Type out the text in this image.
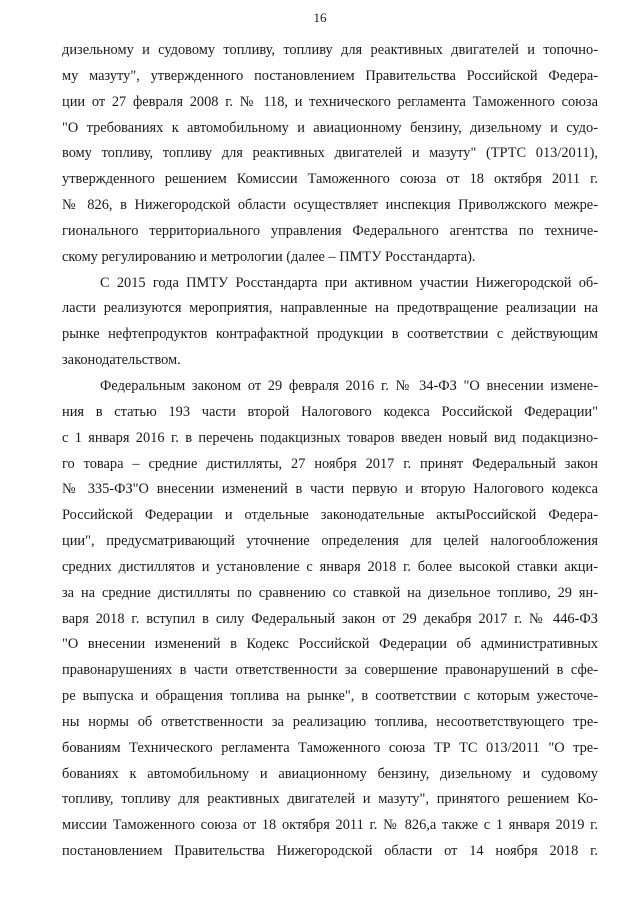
16

дизельному и судовому топливу, топливу для реактивных двигателей и топочно-
му мазуту", утвержденного постановлением Правительства Российской Федера-
ции от 27 февраля 2008 г. № 118, и технического регламента Таможенного союза
"О требованиях к автомобильному и авиационному бензину, дизельному и судо-
вому топливу, топливу для реактивных двигателей и мазуту" (ТРТС 013/2011),
утвержденного решением Комиссии Таможенного союза от 18 октября 2011 г.
№ 826, в Нижегородской области осуществляет инспекция Приволжского межре-
гионального территориального управления Федерального агентства по техниче-
скому регулированию и метрологии (далее – ПМТУ Росстандарта).

С 2015 года ПМТУ Росстандарта при активном участии Нижегородской об-
ласти реализуются мероприятия, направленные на предотвращение реализации на
рынке нефтепродуктов контрафактной продукции в соответствии с действующим
законодательством.

Федеральным законом от 29 февраля 2016 г. № 34-ФЗ "О внесении измене-
ния в статью 193 части второй Налогового кодекса Российской Федерации"
с 1 января 2016 г. в перечень подакцизных товаров введен новый вид подакцизно-
го товара – средние дистилляты, 27 ноября 2017 г. принят Федеральный закон
№ 335-ФЗ"О внесении изменений в части первую и вторую Налогового кодекса
Российской Федерации и отдельные законодательные актыРоссийской Федера-
ции", предусматривающий уточнение определения для целей налогообложения
средних дистиллятов и установление с января 2018 г. более высокой ставки акци-
за на средние дистилляты по сравнению со ставкой на дизельное топливо, 29 ян-
варя 2018 г. вступил в силу Федеральный закон от 29 декабря 2017 г. № 446-ФЗ
"О внесении изменений в Кодекс Российской Федерации об административных
правонарушениях в части ответственности за совершение правонарушений в сфе-
ре выпуска и обращения топлива на рынке", в соответствии с которым ужесточе-
ны нормы об ответственности за реализацию топлива, несоответствующего тре-
бованиям Технического регламента Таможенного союза ТР ТС 013/2011 "О тре-
бованиях к автомобильному и авиационному бензину, дизельному и судовому
топливу, топливу для реактивных двигателей и мазуту", принятого решением Ко-
миссии Таможенного союза от 18 октября 2011 г. № 826,а также с 1 января 2019 г.
постановлением Правительства Нижегородской области от 14 ноября 2018 г.
